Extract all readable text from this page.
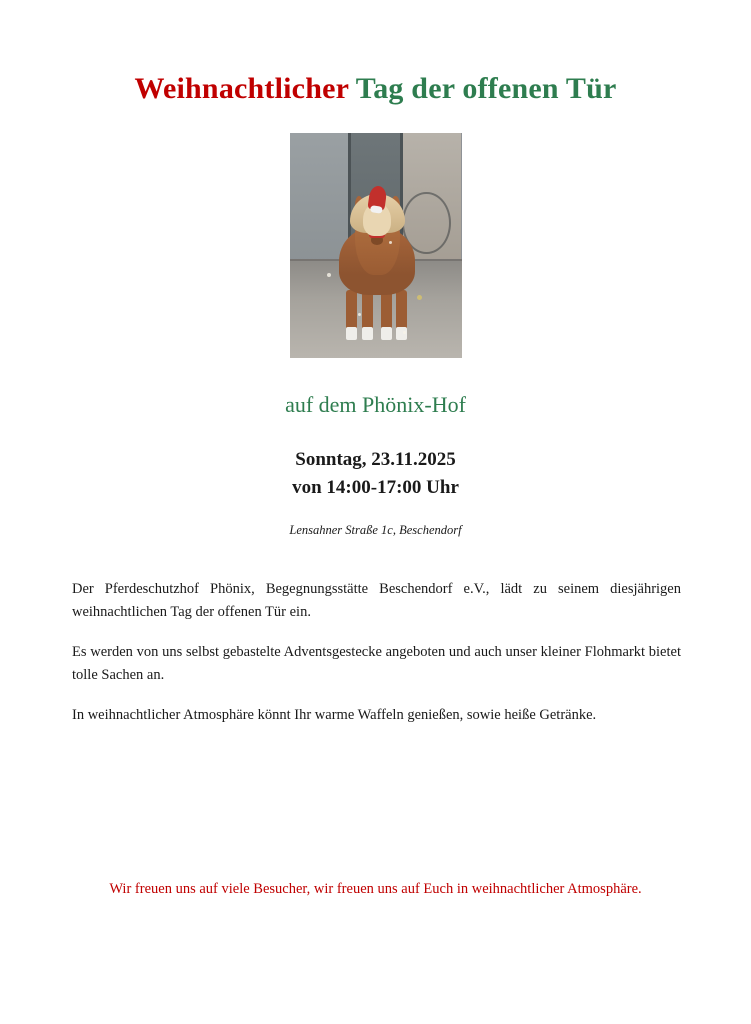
Weihnachtlicher Tag der offenen Tür
auf dem Phönix-Hof
Sonntag, 23.11.2025
von 14:00-17:00 Uhr
Lensahner Straße 1c, Beschendorf

Der Pferdeschutzhof Phönix, Begegnungsstätte Beschendorf e.V., lädt zu seinem diesjährigen weihnachtlichen Tag der offenen Tür ein.

Es werden von uns selbst gebastelte Adventsgestecke angeboten und auch unser kleiner Flohmarkt bietet tolle Sachen an.

In weihnachtlicher Atmosphäre könnt Ihr warme Waffeln genießen, sowie heiße Getränke.

Wir freuen uns auf viele Besucher, wir freuen uns auf Euch in weihnachtlicher Atmosphäre.
